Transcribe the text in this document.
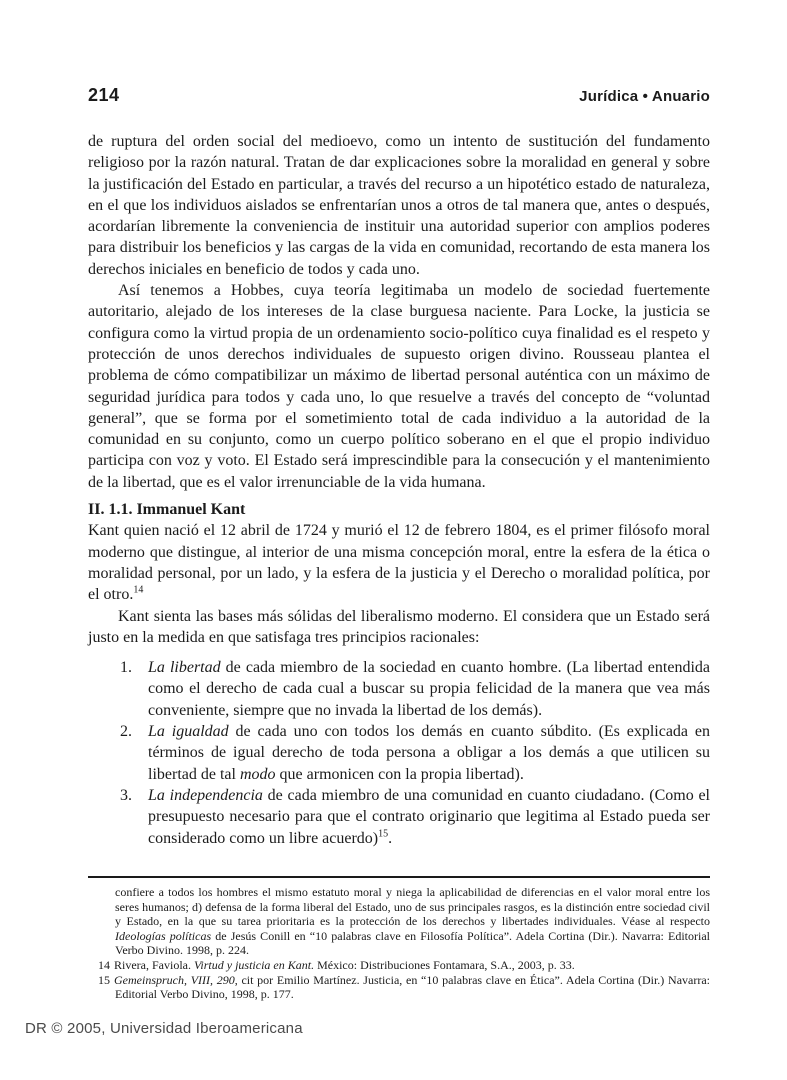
214	Jurídica • Anuario

de ruptura del orden social del medioevo, como un intento de sustitución del fundamento religioso por la razón natural. Tratan de dar explicaciones sobre la moralidad en general y sobre la justificación del Estado en particular, a través del recurso a un hipotético estado de naturaleza, en el que los individuos aislados se enfrentarían unos a otros de tal manera que, antes o después, acordarían libremente la conveniencia de instituir una autoridad superior con amplios poderes para distribuir los beneficios y las cargas de la vida en comunidad, recortando de esta manera los derechos iniciales en beneficio de todos y cada uno.

Así tenemos a Hobbes, cuya teoría legitimaba un modelo de sociedad fuertemente autoritario, alejado de los intereses de la clase burguesa naciente. Para Locke, la justicia se configura como la virtud propia de un ordenamiento socio-político cuya finalidad es el respeto y protección de unos derechos individuales de supuesto origen divino. Rousseau plantea el problema de cómo compatibilizar un máximo de libertad personal auténtica con un máximo de seguridad jurídica para todos y cada uno, lo que resuelve a través del concepto de “voluntad general”, que se forma por el sometimiento total de cada individuo a la autoridad de la comunidad en su conjunto, como un cuerpo político soberano en el que el propio individuo participa con voz y voto. El Estado será imprescindible para la consecución y el mantenimiento de la libertad, que es el valor irrenunciable de la vida humana.

II. 1.1. Immanuel Kant

Kant quien nació el 12 abril de 1724 y murió el 12 de febrero 1804, es el primer filósofo moral moderno que distingue, al interior de una misma concepción moral, entre la esfera de la ética o moralidad personal, por un lado, y la esfera de la justicia y el Derecho o moralidad política, por el otro.$^{14}$

Kant sienta las bases más sólidas del liberalismo moderno. El considera que un Estado será justo en la medida en que satisfaga tres principios racionales:

1. La libertad de cada miembro de la sociedad en cuanto hombre. (La libertad entendida como el derecho de cada cual a buscar su propia felicidad de la manera que vea más conveniente, siempre que no invada la libertad de los demás).
2. La igualdad de cada uno con todos los demás en cuanto súbdito. (Es explicada en términos de igual derecho de toda persona a obligar a los demás a que utilicen su libertad de tal modo que armonicen con la propia libertad).
3. La independencia de cada miembro de una comunidad en cuanto ciudadano. (Como el presupuesto necesario para que el contrato originario que legitima al Estado pueda ser considerado como un libre acuerdo)$^{15}$.

confiere a todos los hombres el mismo estatuto moral y niega la aplicabilidad de diferencias en el valor moral entre los seres humanos; d) defensa de la forma liberal del Estado, uno de sus principales rasgos, es la distinción entre sociedad civil y Estado, en la que su tarea prioritaria es la protección de los derechos y libertades individuales. Véase al respecto Ideologías políticas de Jesús Conill en “10 palabras clave en Filosofía Política”. Adela Cortina (Dir.). Navarra: Editorial Verbo Divino. 1998, p. 224.

14 Rivera, Faviola. Virtud y justicia en Kant. México: Distribuciones Fontamara, S.A., 2003, p. 33.

15 Gemeinspruch, VIII, 290, cit por Emilio Martínez. Justicia, en “10 palabras clave en Ética”. Adela Cortina (Dir.) Navarra: Editorial Verbo Divino, 1998, p. 177.

DR © 2005, Universidad Iberoamericana
